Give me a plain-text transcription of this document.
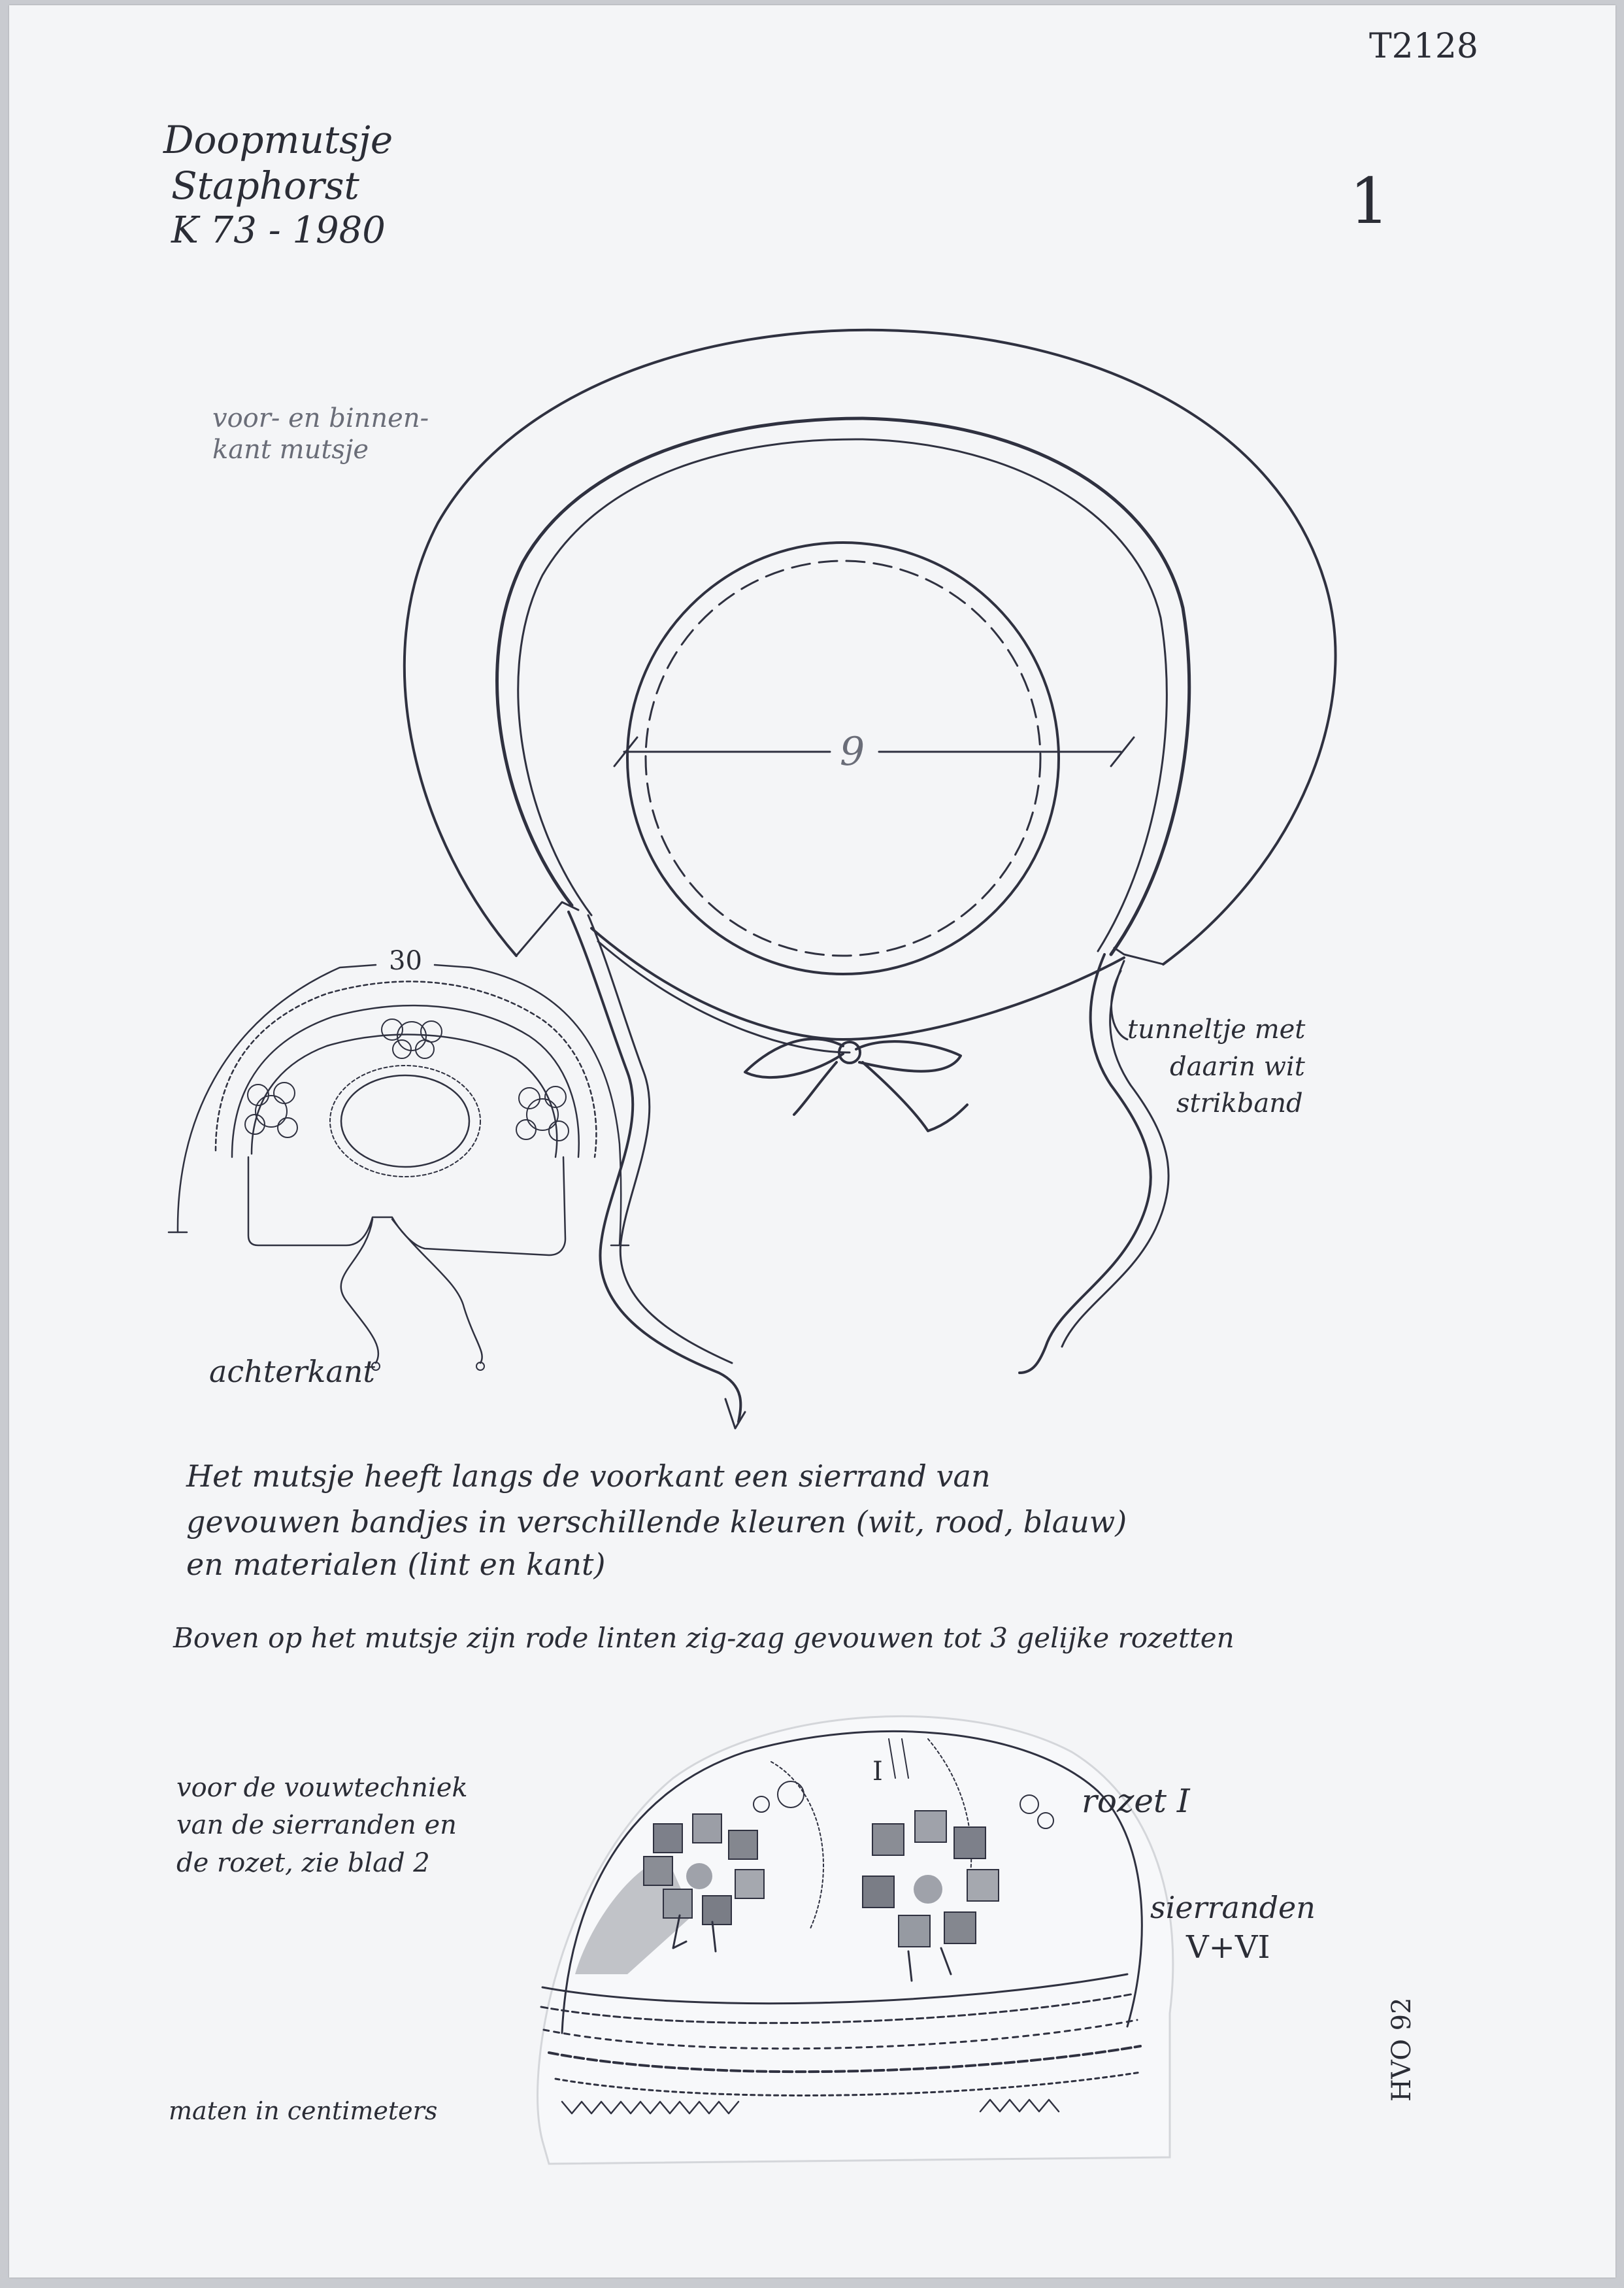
T2128
1
Doopmutsje
Staphorst
K 73 - 1980
voor- en binnen-
kant mutsje
9
tunneltje met
daarin wit
strikband
30
achterkant
Het mutsje heeft langs de voorkant een sierrand van
gevouwen bandjes in verschillende kleuren (wit, rood, blauw)
en materialen (lint en kant)
Boven op het mutsje zijn rode linten zig-zag gevouwen tot 3 gelijke rozetten
voor de vouwtechniek
van de sierranden en
de rozet, zie blad 2
I
rozet I
sierranden
V+VI
maten in centimeters
HVO 92
